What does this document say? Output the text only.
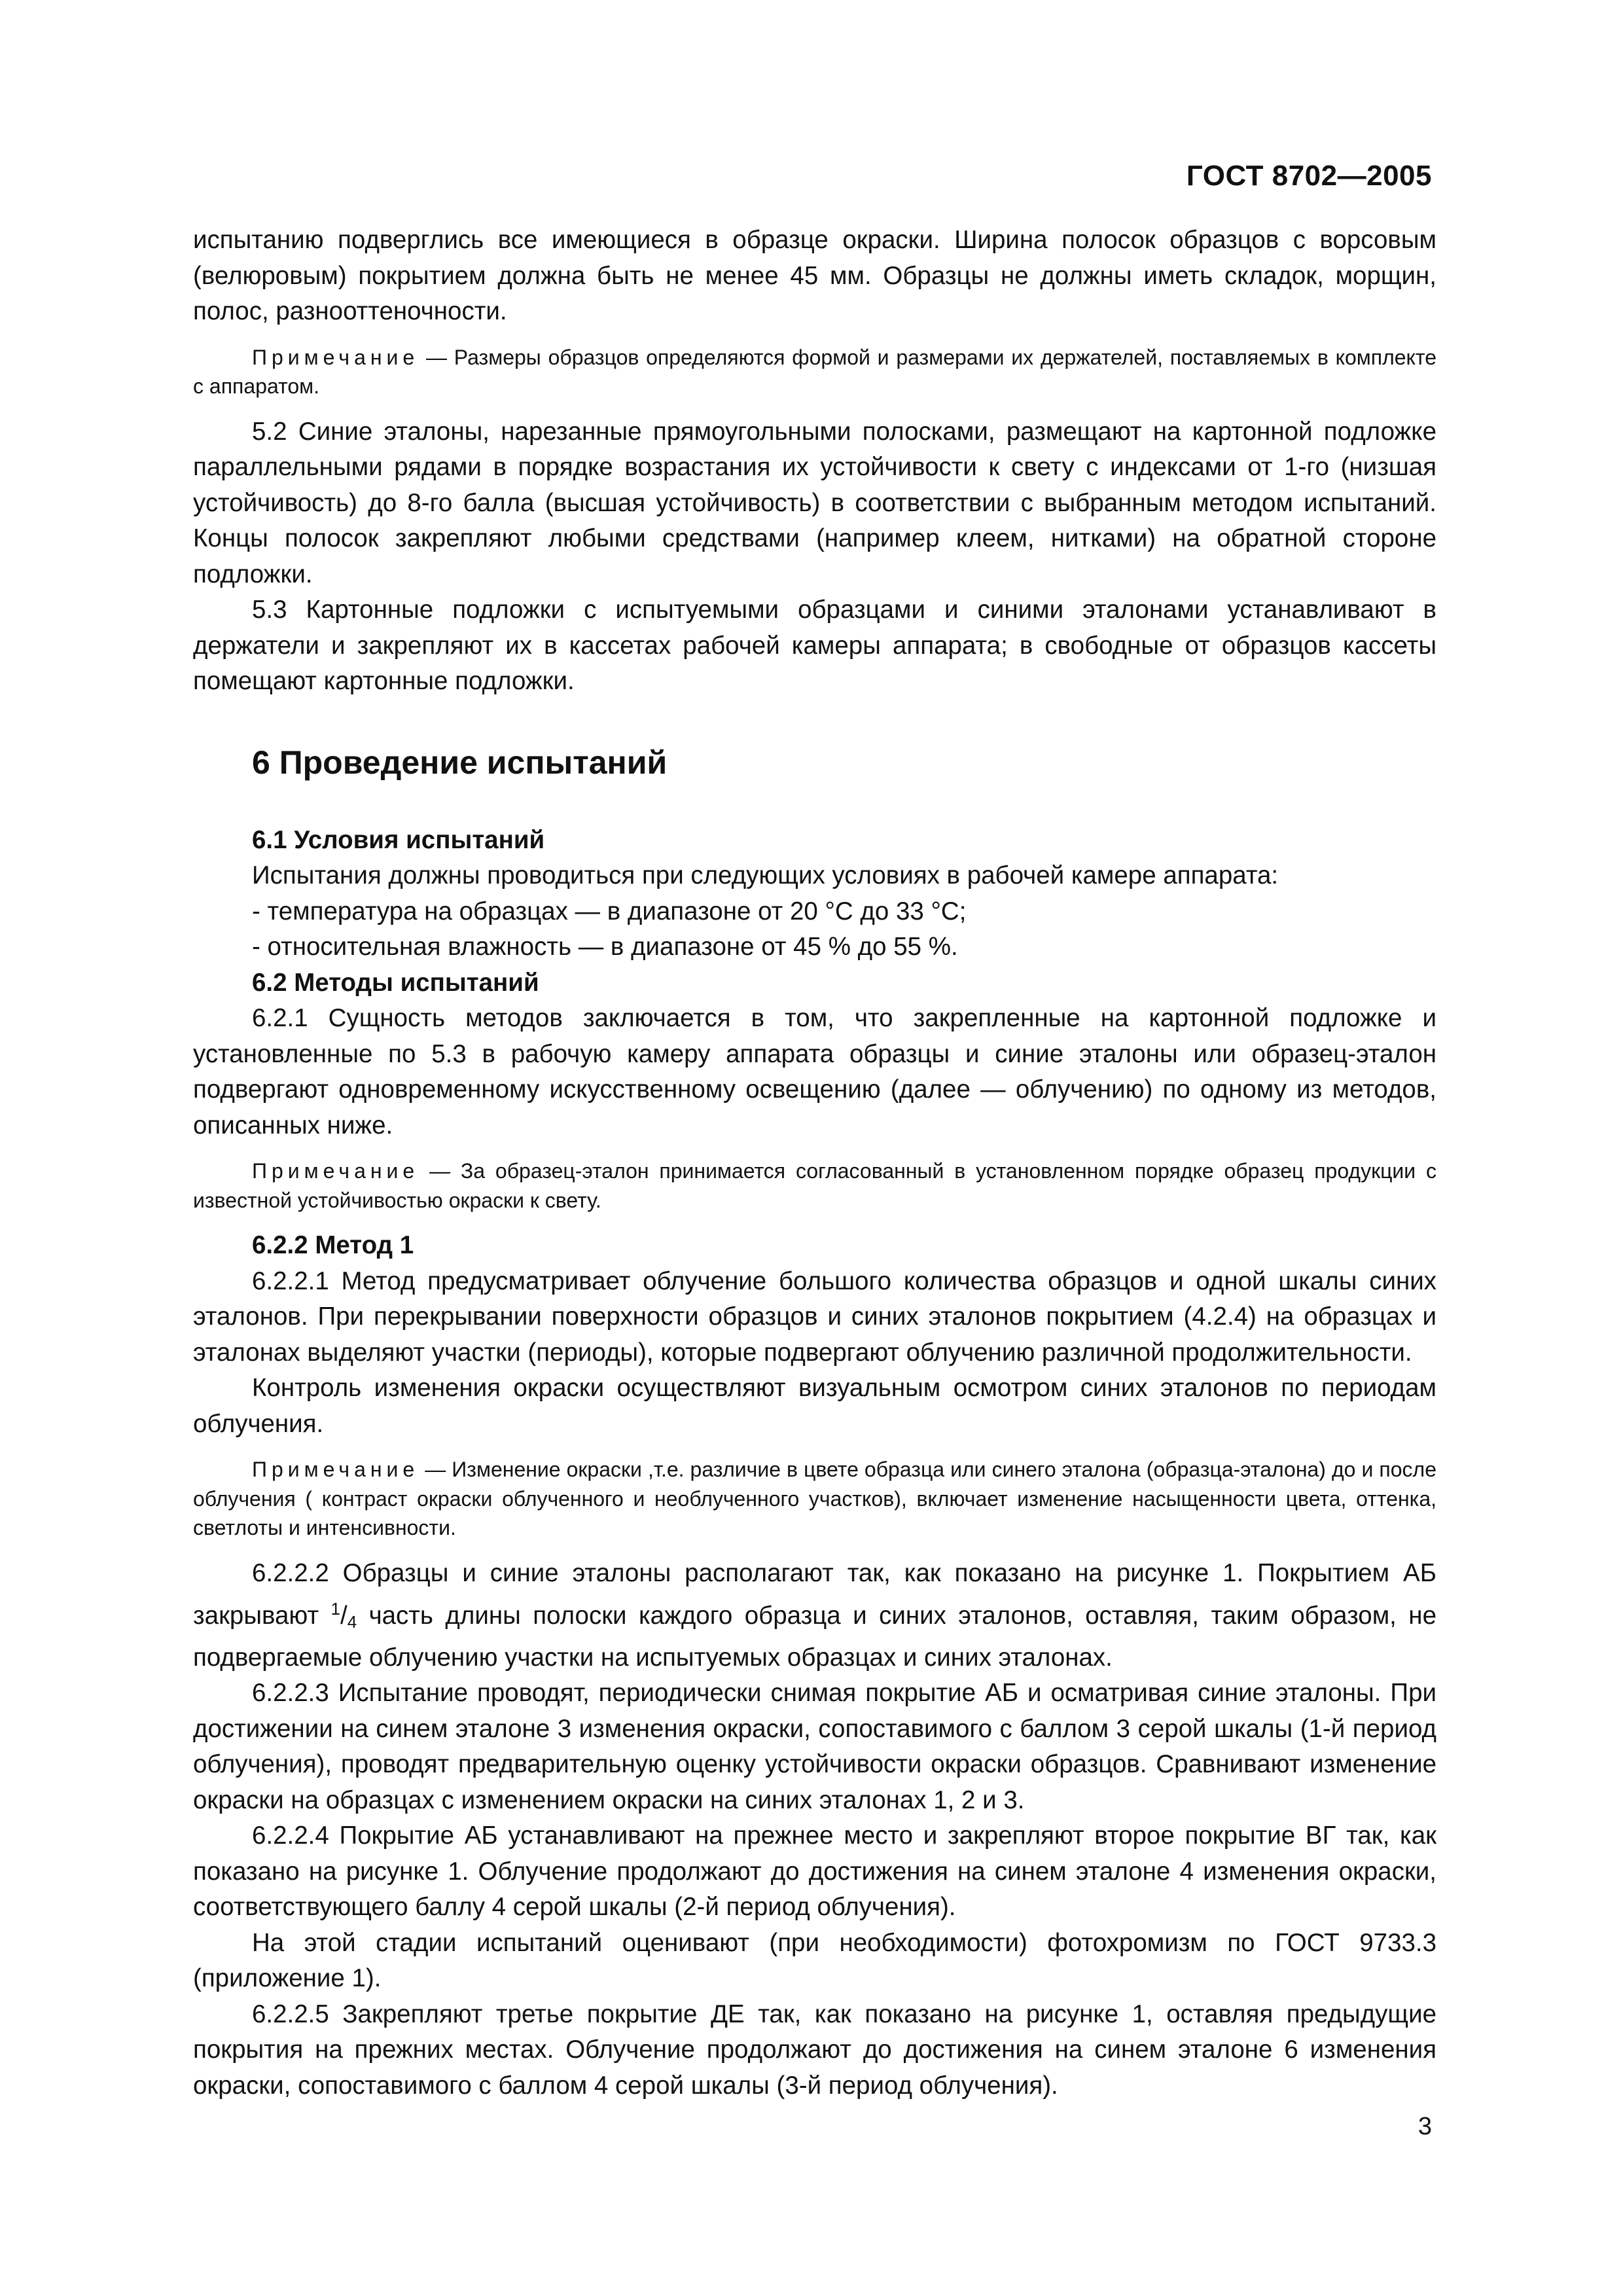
ГОСТ 8702—2005

испытанию подверглись все имеющиеся в образце окраски. Ширина полосок образцов с ворсовым (велюровым) покрытием должна быть не менее 45 мм. Образцы не должны иметь складок, морщин, полос, разнооттеночности.

Примечание — Размеры образцов определяются формой и размерами их держателей, поставляемых в комплекте с аппаратом.

5.2 Синие эталоны, нарезанные прямоугольными полосками, размещают на картонной подложке параллельными рядами в порядке возрастания их устойчивости к свету с индексами от 1-го (низшая устойчивость) до 8-го балла (высшая устойчивость) в соответствии с выбранным методом испытаний. Концы полосок закрепляют любыми средствами (например клеем, нитками) на обратной стороне подложки.

5.3 Картонные подложки с испытуемыми образцами и синими эталонами устанавливают в держатели и закрепляют их в кассетах рабочей камеры аппарата; в свободные от образцов кассеты помещают картонные подложки.

6 Проведение испытаний

6.1 Условия испытаний

Испытания должны проводиться при следующих условиях в рабочей камере аппарата:

- температура на образцах — в диапазоне от 20 °С до 33 °С;

- относительная влажность — в диапазоне от 45 % до 55 %.

6.2 Методы испытаний

6.2.1 Сущность методов заключается в том, что закрепленные на картонной подложке и установленные по 5.3 в рабочую камеру аппарата образцы и синие эталоны или образец-эталон подвергают одновременному искусственному освещению (далее — облучению) по одному из методов, описанных ниже.

Примечание — За образец-эталон принимается согласованный в установленном порядке образец продукции с известной устойчивостью окраски к свету.

6.2.2 Метод 1

6.2.2.1 Метод предусматривает облучение большого количества образцов и одной шкалы синих эталонов. При перекрывании поверхности образцов и синих эталонов покрытием (4.2.4) на образцах и эталонах выделяют участки (периоды), которые подвергают облучению различной продолжительности.

Контроль изменения окраски осуществляют визуальным осмотром синих эталонов по периодам облучения.

Примечание — Изменение окраски ,т.е. различие в цвете образца или синего эталона (образца-эталона) до и после облучения ( контраст окраски облученного и необлученного участков), включает изменение насыщенности цвета, оттенка, светлоты и интенсивности.

6.2.2.2 Образцы и синие эталоны располагают так, как показано на рисунке 1. Покрытием АБ закрывают $^1/_4$ часть длины полоски каждого образца и синих эталонов, оставляя, таким образом, не подвергаемые облучению участки на испытуемых образцах и синих эталонах.

6.2.2.3 Испытание проводят, периодически снимая покрытие АБ и осматривая синие эталоны. При достижении на синем эталоне 3 изменения окраски, сопоставимого с баллом 3 серой шкалы (1-й период облучения), проводят предварительную оценку устойчивости окраски образцов. Сравнивают изменение окраски на образцах с изменением окраски на синих эталонах 1, 2 и 3.

6.2.2.4 Покрытие АБ устанавливают на прежнее место и закрепляют второе покрытие ВГ так, как показано на рисунке 1. Облучение продолжают до достижения на синем эталоне 4 изменения окраски, соответствующего баллу 4 серой шкалы (2-й период облучения).

На этой стадии испытаний оценивают (при необходимости) фотохромизм по ГОСТ 9733.3 (приложение 1).

6.2.2.5 Закрепляют третье покрытие ДЕ так, как показано на рисунке 1, оставляя предыдущие покрытия на прежних местах. Облучение продолжают до достижения на синем эталоне 6 изменения окраски, сопоставимого с баллом 4 серой шкалы (3-й период облучения).

3
